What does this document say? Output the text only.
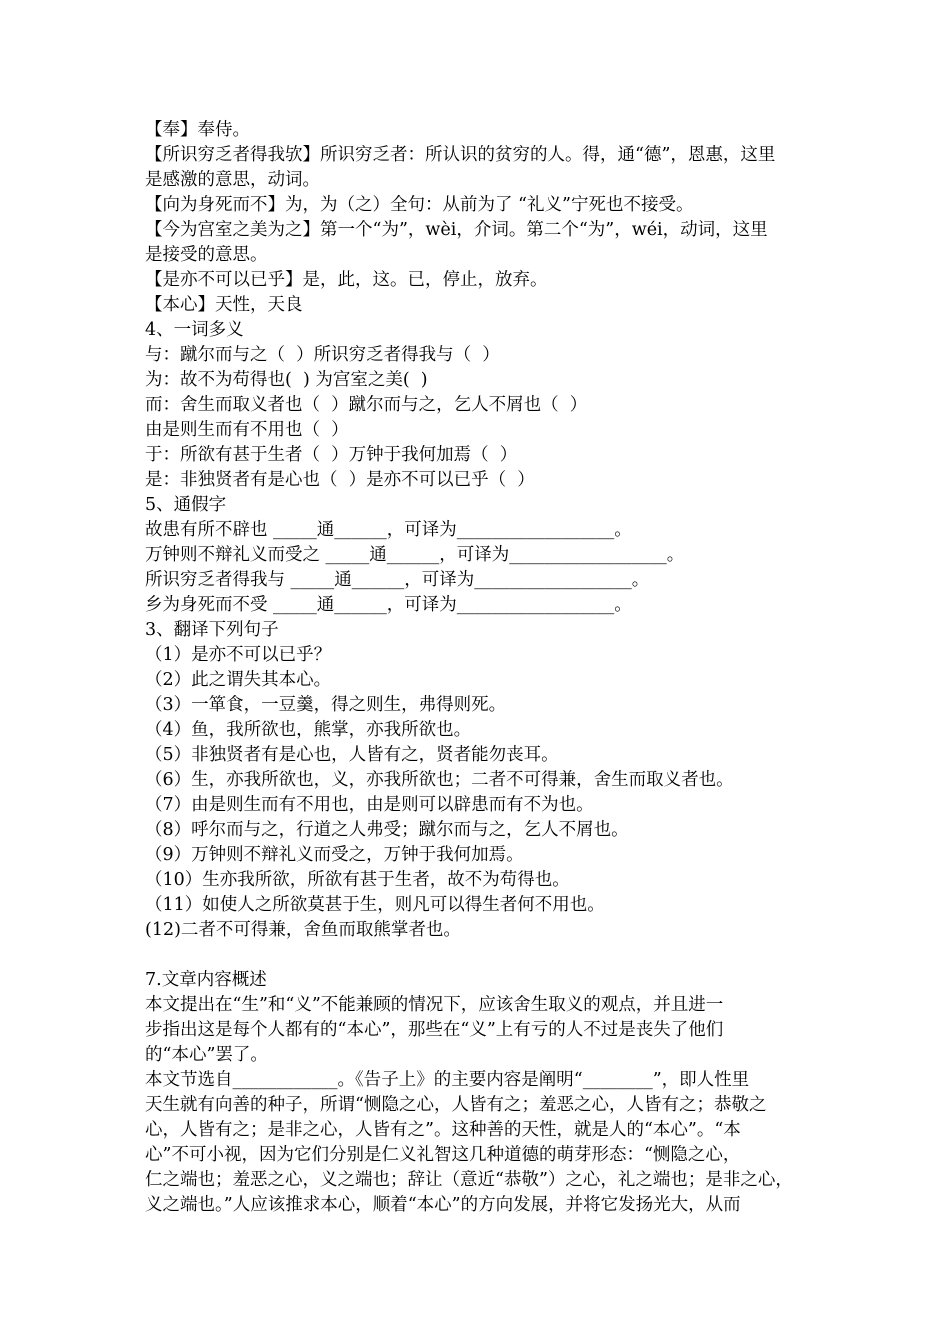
【奉】奉侍。
【所识穷乏者得我欤】所识穷乏者：所认识的贫穷的人。得，通“德”，恩惠，这里
是感激的意思，动词。
【向为身死而不】为，为（之）全句：从前为了 “礼义”宁死也不接受。
【今为宫室之美为之】第一个“为”，wèi，介词。第二个“为”，wéi，动词，这里
是接受的意思。
【是亦不可以已乎】是，此，这。已，停止，放弃。
【本心】天性，天良
4、一词多义
与：蹴尔而与之（  ）所识穷乏者得我与（  ）
为：故不为苟得也(  ) 为宫室之美(  )
而：舍生而取义者也（  ）蹴尔而与之，乞人不屑也（  ）
由是则生而有不用也（  ）
于：所欲有甚于生者（  ）万钟于我何加焉（  ）
是：非独贤者有是心也（  ）是亦不可以已乎（  ）
5、通假字
故患有所不辟也 _____通______，可译为__________________。
万钟则不辩礼义而受之 _____通______，可译为__________________。
所识穷乏者得我与 _____通______，可译为__________________。
乡为身死而不受 _____通______，可译为__________________。
3、翻译下列句子
（1）是亦不可以已乎？
（2）此之谓失其本心。
（3）一箪食，一豆羹，得之则生，弗得则死。
（4）鱼，我所欲也，熊掌，亦我所欲也。
（5）非独贤者有是心也，人皆有之，贤者能勿丧耳。
（6）生，亦我所欲也，义，亦我所欲也；二者不可得兼，舍生而取义者也。
（7）由是则生而有不用也，由是则可以辟患而有不为也。
（8）呼尔而与之，行道之人弗受；蹴尔而与之，乞人不屑也。
（9）万钟则不辩礼义而受之，万钟于我何加焉。
（10）生亦我所欲，所欲有甚于生者，故不为苟得也。
（11）如使人之所欲莫甚于生，则凡可以得生者何不用也。
(12)二者不可得兼，舍鱼而取熊掌者也。
7.文章内容概述
本文提出在“生”和“义”不能兼顾的情况下，应该舍生取义的观点，并且进一
步指出这是每个人都有的“本心”，那些在“义”上有亏的人不过是丧失了他们
的“本心”罢了。
本文节选自____________。《告子上》的主要内容是阐明“________”，即人性里
天生就有向善的种子，所谓“恻隐之心，人皆有之；羞恶之心，人皆有之；恭敬之
心，人皆有之；是非之心，人皆有之”。这种善的天性，就是人的“本心”。“本
心”不可小视，因为它们分别是仁义礼智这几种道德的萌芽形态：“恻隐之心，
仁之端也；羞恶之心，义之端也；辞让（意近“恭敬”）之心，礼之端也；是非之心，
义之端也。”人应该推求本心，顺着“本心”的方向发展，并将它发扬光大，从而
